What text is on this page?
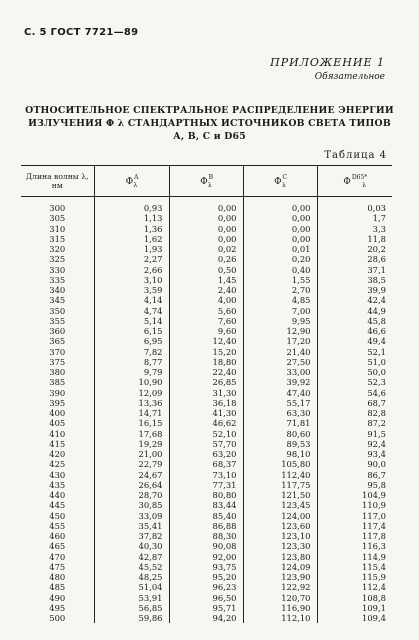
С. 5 ГОСТ 7721—89
ПРИЛОЖЕНИЕ 1
Обязательное
ОТНОСИТЕЛЬНОЕ СПЕКТРАЛЬНОЕ РАСПРЕДЕЛЕНИЕ ЭНЕРГИИ
ИЗЛУЧЕНИЯ Φ λ СТАНДАРТНЫХ ИСТОЧНИКОВ СВЕТА ТИПОВ
А, В, С и D65
Таблица 4
Длина волны λ, нм	$\Phi^A_\lambda$	$\Phi^B_\lambda$	$\Phi^C_\lambda$	$\Phi^{D65*}_\lambda$
300	0,93	0,00	0,00	0,03
305	1,13	0,00	0,00	1,7
310	1,36	0,00	0,00	3,3
315	1,62	0,00	0,00	11,8
320	1,93	0,02	0,01	20,2
325	2,27	0,26	0,20	28,6
330	2,66	0,50	0,40	37,1
335	3,10	1,45	1,55	38,5
340	3,59	2,40	2,70	39,9
345	4,14	4,00	4,85	42,4
350	4,74	5,60	7,00	44,9
355	5,14	7,60	9,95	45,8
360	6,15	9,60	12,90	46,6
365	6,95	12,40	17,20	49,4
370	7,82	15,20	21,40	52,1
375	8,77	18,80	27,50	51,0
380	9,79	22,40	33,00	50,0
385	10,90	26,85	39,92	52,3
390	12,09	31,30	47,40	54,6
395	13,36	36,18	55,17	68,7
400	14,71	41,30	63,30	82,8
405	16,15	46,62	71,81	87,2
410	17,68	52,10	80,60	91,5
415	19,29	57,70	89,53	92,4
420	21,00	63,20	98,10	93,4
425	22,79	68,37	105,80	90,0
430	24,67	73,10	112,40	86,7
435	26,64	77,31	117,75	95,8
440	28,70	80,80	121,50	104,9
445	30,85	83,44	123,45	110,9
450	33,09	85,40	124,00	117,0
455	35,41	86,88	123,60	117,4
460	37,82	88,30	123,10	117,8
465	40,30	90,08	123,30	116,3
470	42,87	92,00	123,80	114,9
475	45,52	93,75	124,09	115,4
480	48,25	95,20	123,90	115,9
485	51,04	96,23	122,92	112,4
490	53,91	96,50	120,70	108,8
495	56,85	95,71	116,90	109,1
500	59,86	94,20	112,10	109,4
